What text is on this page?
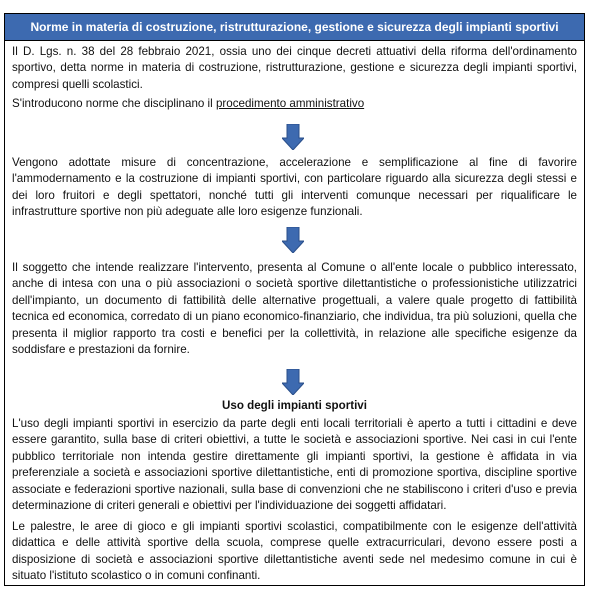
Norme in materia di costruzione, ristrutturazione, gestione e sicurezza degli impianti sportivi

Il D. Lgs. n. 38 del 28 febbraio 2021, ossia uno dei cinque decreti attuativi della riforma dell'ordinamento sportivo, detta norme in materia di costruzione, ristrutturazione, gestione e sicurezza degli impianti sportivi, compresi quelli scolastici.

S'introducono norme che disciplinano il procedimento amministrativo

Vengono adottate misure di concentrazione, accelerazione e semplificazione al fine di favorire l'ammodernamento e la costruzione di impianti sportivi, con particolare riguardo alla sicurezza degli stessi e dei loro fruitori e degli spettatori, nonché tutti gli interventi comunque necessari per riqualificare le infrastrutture sportive non più adeguate alle loro esigenze funzionali.

Il soggetto che intende realizzare l'intervento, presenta al Comune o all'ente locale o pubblico interessato, anche di intesa con una o più associazioni o società sportive dilettantistiche o professionistiche utilizzatrici dell'impianto, un documento di fattibilità delle alternative progettuali, a valere quale progetto di fattibilità tecnica ed economica, corredato di un piano economico-finanziario, che individua, tra più soluzioni, quella che presenta il miglior rapporto tra costi e benefici per la collettività, in relazione alle specifiche esigenze da soddisfare e prestazioni da fornire.

Uso degli impianti sportivi

L'uso degli impianti sportivi in esercizio da parte degli enti locali territoriali è aperto a tutti i cittadini e deve essere garantito, sulla base di criteri obiettivi, a tutte le società e associazioni sportive. Nei casi in cui l'ente pubblico territoriale non intenda gestire direttamente gli impianti sportivi, la gestione è affidata in via preferenziale a società e associazioni sportive dilettantistiche, enti di promozione sportiva, discipline sportive associate e federazioni sportive nazionali, sulla base di convenzioni che ne stabiliscono i criteri d'uso e previa determinazione di criteri generali e obiettivi per l'individuazione dei soggetti affidatari.

Le palestre, le aree di gioco e gli impianti sportivi scolastici, compatibilmente con le esigenze dell'attività didattica e delle attività sportive della scuola, comprese quelle extracurriculari, devono essere posti a disposizione di società e associazioni sportive dilettantistiche aventi sede nel medesimo comune in cui è situato l'istituto scolastico o in comuni confinanti.
